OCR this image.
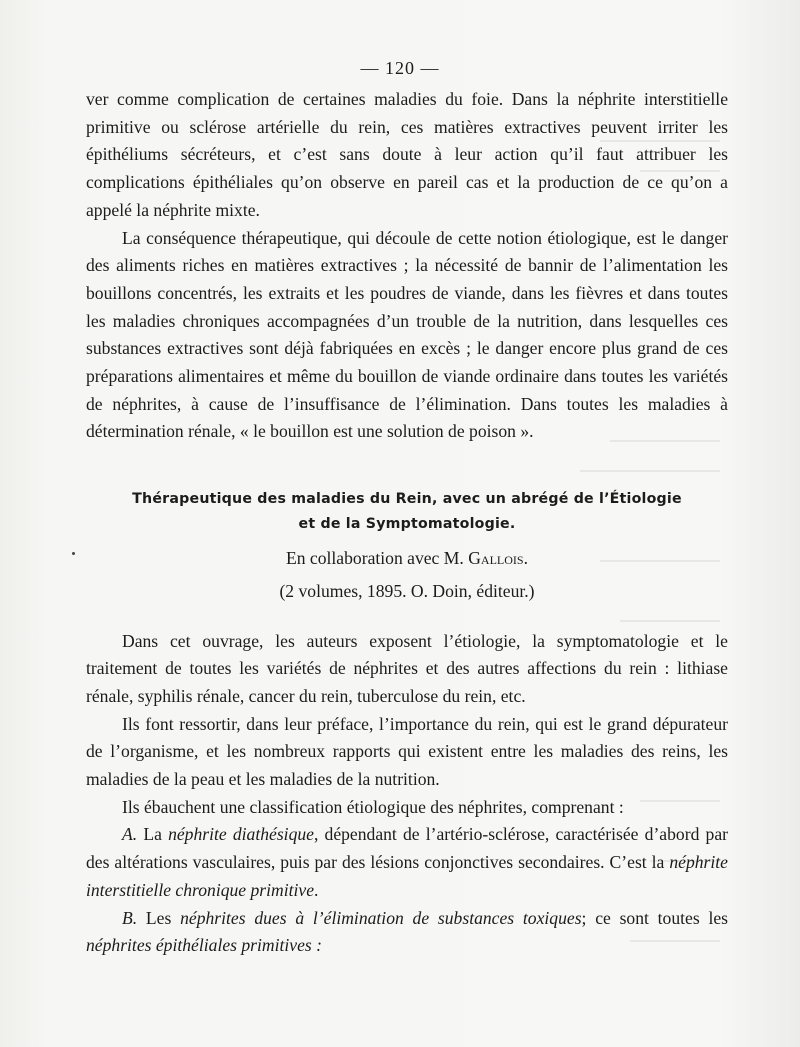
— 120 —

ver comme complication de certaines maladies du foie. Dans la néphrite interstitielle primitive ou sclérose artérielle du rein, ces matières extractives peuvent irriter les épithéliums sécréteurs, et c’est sans doute à leur action qu’il faut attribuer les complications épithéliales qu’on observe en pareil cas et la production de ce qu’on a appelé la néphrite mixte.

La conséquence thérapeutique, qui découle de cette notion étiologique, est le danger des aliments riches en matières extractives ; la nécessité de bannir de l’alimentation les bouillons concentrés, les extraits et les poudres de viande, dans les fièvres et dans toutes les maladies chroniques accompagnées d’un trouble de la nutrition, dans lesquelles ces substances extractives sont déjà fabriquées en excès ; le danger encore plus grand de ces préparations alimentaires et même du bouillon de viande ordinaire dans toutes les variétés de néphrites, à cause de l’insuffisance de l’élimination. Dans toutes les maladies à détermination rénale, « le bouillon est une solution de poison ».

Thérapeutique des maladies du Rein, avec un abrégé de l’Étiologie
et de la Symptomatologie.

En collaboration avec M. Gallois.

(2 volumes, 1895. O. Doin, éditeur.)

Dans cet ouvrage, les auteurs exposent l’étiologie, la symptomatologie et le traitement de toutes les variétés de néphrites et des autres affections du rein : lithiase rénale, syphilis rénale, cancer du rein, tuberculose du rein, etc.

Ils font ressortir, dans leur préface, l’importance du rein, qui est le grand dépurateur de l’organisme, et les nombreux rapports qui existent entre les maladies des reins, les maladies de la peau et les maladies de la nutrition.

Ils ébauchent une classification étiologique des néphrites, comprenant :

A. La néphrite diathésique, dépendant de l’artério-sclérose, caractérisée d’abord par des altérations vasculaires, puis par des lésions conjonctives secondaires. C’est la néphrite interstitielle chronique primitive.

B. Les néphrites dues à l’élimination de substances toxiques; ce sont toutes les néphrites épithéliales primitives :
